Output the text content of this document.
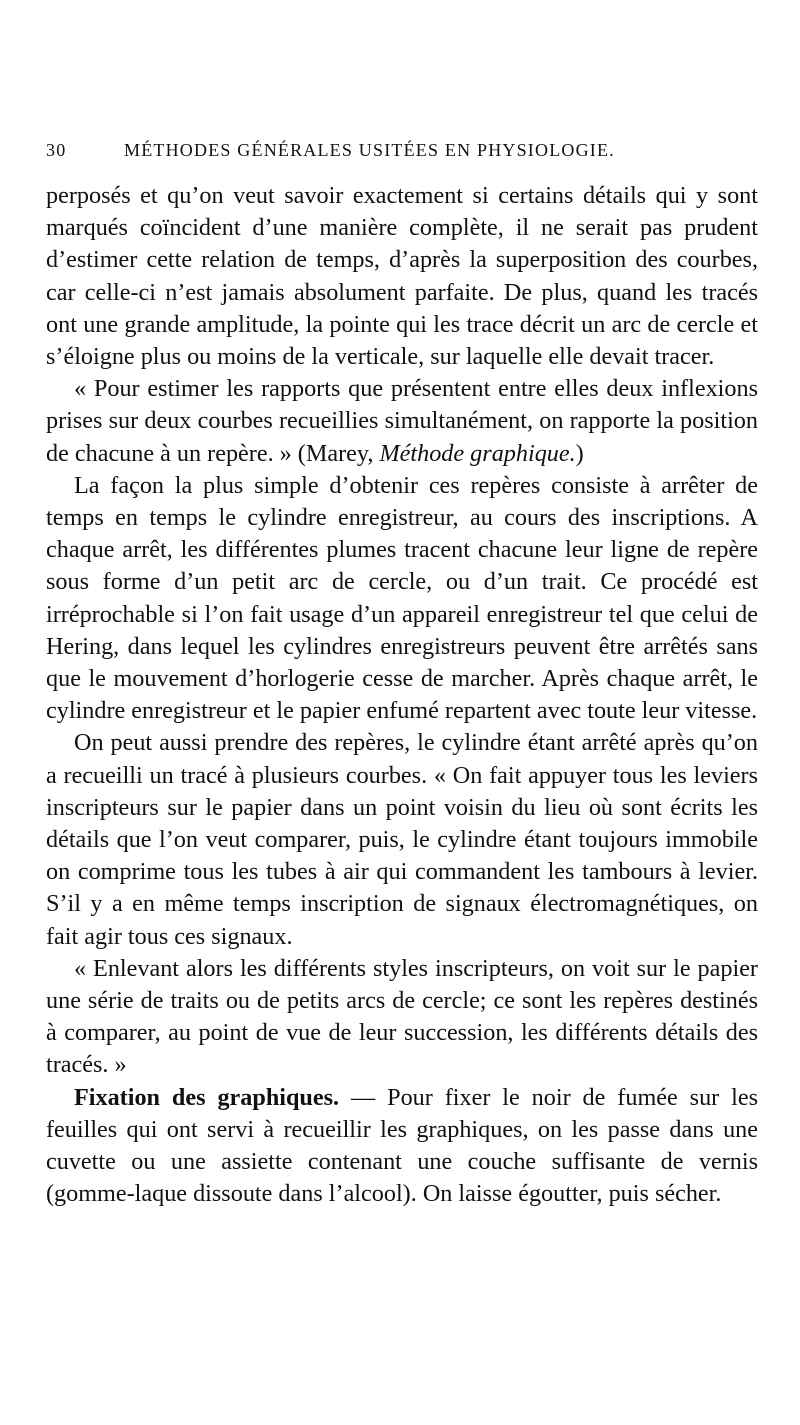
30	MÉTHODES GÉNÉRALES USITÉES EN PHYSIOLOGIE.

perposés et qu’on veut savoir exactement si certains détails qui y sont marqués coïncident d’une manière complète, il ne serait pas prudent d’estimer cette relation de temps, d’après la superposition des courbes, car celle-ci n’est jamais absolument parfaite. De plus, quand les tracés ont une grande amplitude, la pointe qui les trace décrit un arc de cercle et s’éloigne plus ou moins de la verticale, sur laquelle elle devait tracer.

« Pour estimer les rapports que présentent entre elles deux inflexions prises sur deux courbes recueillies simultanément, on rapporte la position de chacune à un repère. » (Marey, Méthode graphique.)

La façon la plus simple d’obtenir ces repères consiste à arrêter de temps en temps le cylindre enregistreur, au cours des inscriptions. A chaque arrêt, les différentes plumes tracent chacune leur ligne de repère sous forme d’un petit arc de cercle, ou d’un trait. Ce procédé est irréprochable si l’on fait usage d’un appareil enregistreur tel que celui de Hering, dans lequel les cylindres enregistreurs peuvent être arrêtés sans que le mouvement d’horlogerie cesse de marcher. Après chaque arrêt, le cylindre enregistreur et le papier enfumé repartent avec toute leur vitesse.

On peut aussi prendre des repères, le cylindre étant arrêté après qu’on a recueilli un tracé à plusieurs courbes. « On fait appuyer tous les leviers inscripteurs sur le papier dans un point voisin du lieu où sont écrits les détails que l’on veut comparer, puis, le cylindre étant toujours immobile on comprime tous les tubes à air qui commandent les tambours à levier. S’il y a en même temps inscription de signaux électromagnétiques, on fait agir tous ces signaux.

« Enlevant alors les différents styles inscripteurs, on voit sur le papier une série de traits ou de petits arcs de cercle; ce sont les repères destinés à comparer, au point de vue de leur succession, les différents détails des tracés. »

Fixation des graphiques. — Pour fixer le noir de fumée sur les feuilles qui ont servi à recueillir les graphiques, on les passe dans une cuvette ou une assiette contenant une couche suffisante de vernis (gomme-laque dissoute dans l’alcool). On laisse égoutter, puis sécher.
